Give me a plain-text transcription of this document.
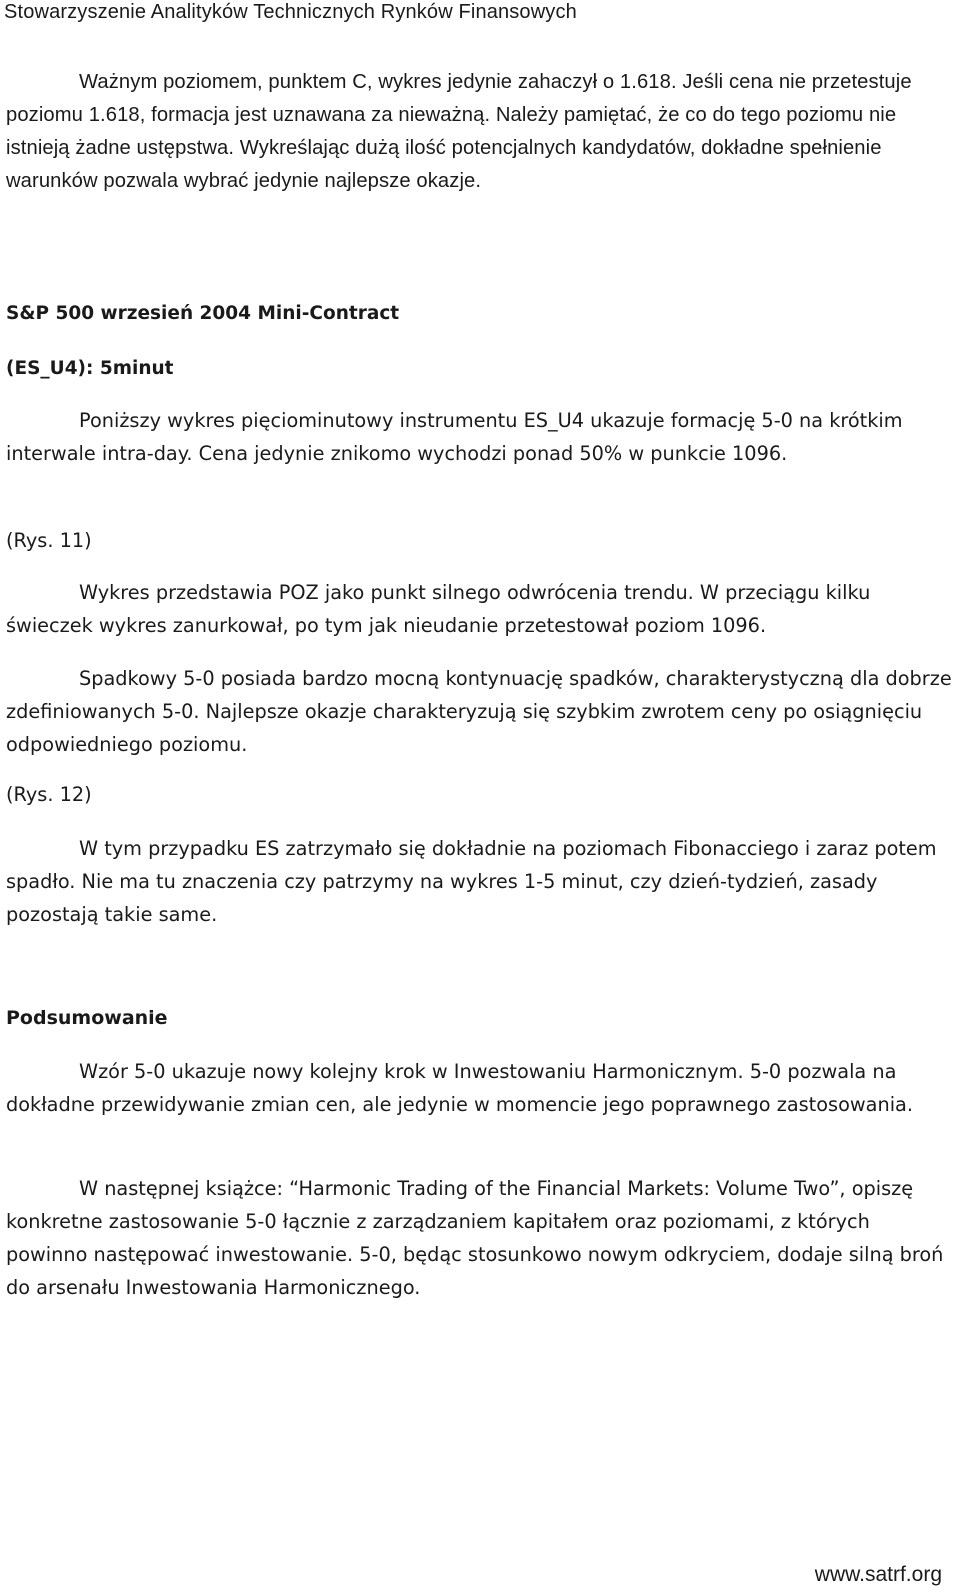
Stowarzyszenie Analityków Technicznych Rynków Finansowych

Ważnym poziomem, punktem C, wykres jedynie zahaczył o 1.618. Jeśli cena nie przetestuje poziomu 1.618, formacja jest uznawana za nieważną. Należy pamiętać, że co do tego poziomu nie istnieją żadne ustępstwa. Wykreślając dużą ilość potencjalnych kandydatów, dokładne spełnienie warunków pozwala wybrać jedynie najlepsze okazje.

S&P 500 wrzesień 2004 Mini-Contract
(ES_U4): 5minut

Poniższy wykres pięciominutowy instrumentu ES_U4 ukazuje formację 5-0 na krótkim interwale intra-day. Cena jedynie znikomo wychodzi ponad 50% w punkcie 1096.

(Rys. 11)

Wykres przedstawia POZ jako punkt silnego odwrócenia trendu. W przeciągu kilku świeczek wykres zanurkował, po tym jak nieudanie przetestował poziom 1096.

Spadkowy 5-0 posiada bardzo mocną kontynuację spadków, charakterystyczną dla dobrze zdefiniowanych 5-0. Najlepsze okazje charakteryzują się szybkim zwrotem ceny po osiągnięciu odpowiedniego poziomu.

(Rys. 12)

W tym przypadku ES zatrzymało się dokładnie na poziomach Fibonacciego i zaraz potem spadło. Nie ma tu znaczenia czy patrzymy na wykres 1-5 minut, czy dzień-tydzień, zasady pozostają takie same.

Podsumowanie

Wzór 5-0 ukazuje nowy kolejny krok w Inwestowaniu Harmonicznym. 5-0 pozwala na dokładne przewidywanie zmian cen, ale jedynie w momencie jego poprawnego zastosowania.

W następnej książce: “Harmonic Trading of the Financial Markets: Volume Two”, opiszę konkretne zastosowanie 5-0 łącznie z zarządzaniem kapitałem oraz poziomami, z których powinno następować inwestowanie. 5-0, będąc stosunkowo nowym odkryciem, dodaje silną broń do arsenału Inwestowania Harmonicznego.

www.satrf.org
